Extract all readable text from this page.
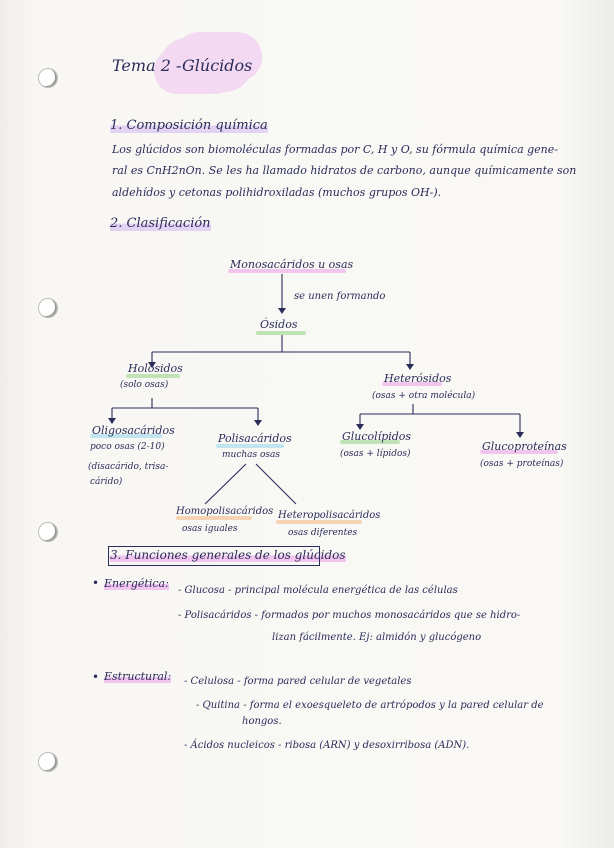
Tema 2 - Glúcidos
1. Composición química
Los glúcidos son biomoléculas formadas por C, H y O, su fórmula química gene-
ral es CnH2nOn. Se les ha llamado hidratos de carbono, aunque químicamente son
aldehídos y cetonas polihidroxiladas (muchos grupos OH-).
2. Clasificación
Monosacáridos u osas
se unen formando
Ósidos
Holósidos
(solo osas)	Heterósidos
(osas + otra molécula)
Oligosacáridos
poco osas (2-10)
(disacárido, trisa-
cárido)
Polisacáridos
muchas osas
Glucolípidos
(osas + lípidos)
Glucoproteínas
(osas + proteínas)
Homopolisacáridos
osas iguales
Heteropolisacáridos
osas diferentes
3. Funciones generales de los glúcidos
• Energética:
- Glucosa - principal molécula energética de las células
- Polisacáridos - formados por muchos monosacáridos que se hidro-
lizan fácilmente. Ej: almidón y glucógeno
• Estructural: - Celulosa - forma pared celular de vegetales
- Quitina - forma el exoesqueleto de artrópodos y la pared celular de
hongos.
- Ácidos nucleicos - ribosa (ARN) y desoxirribosa (ADN).
